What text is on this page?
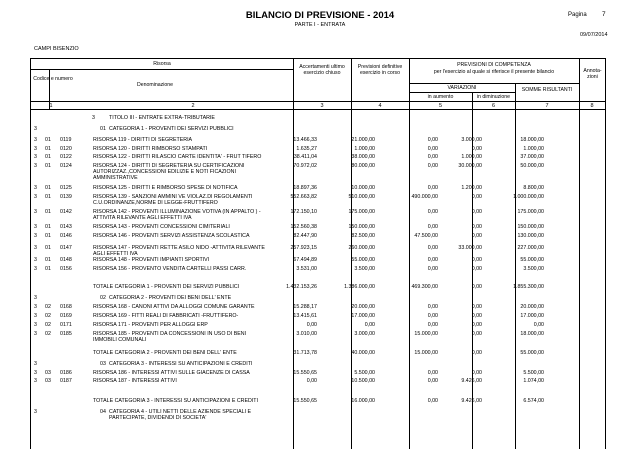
BILANCIO DI PREVISIONE - 2014
PARTE I - ENTRATA
Pagina 7
09/07/2014
CAMPI BISENZIO
Risorsa
Codice e numero
Denominazione
Accertamenti ultimo esercizio chiuso
Previsioni definitive esercizio in corso
PREVISIONI DI COMPETENZA
per l'esercizio al quale si riferisce il presente bilancio
VARIAZIONI
in aumento	in diminuzione
SOMME RISULTANTI
Annota- zioni
1	2	3	4	5	6	7	8
3	TITOLO III - ENTRATE EXTRA-TRIBUTARIE
3	01 CATEGORIA 1 - PROVENTI DEI SERVIZI PUBBLICI
3 01 0119	RISORSA 119 - DIRITTI DI SEGRETERIA	13.466,33	21.000,00	0,00	3.000,00	18.000,00
3 01 0120	RISORSA 120 - DIRITTI RIMBORSO STAMPATI	1.635,27	1.000,00	0,00	0,00	1.000,00
3 01 0122	RISORSA 122 - DIRITTI RILASCIO CARTE IDENTITA' - FRUT TIFERO	38.411,04	38.000,00	0,00	1.000,00	37.000,00
3 01 0124	RISORSA 124 - DIRITTI DI SEGRETERIA SU CERTIFICAZIONI AUTORIZZAZ.,CONCESSIONI EDILIZIE E NOTI FICAZIONI AMMINISTRATIVE
70.972,02	80.000,00	0,00	30.000,00	50.000,00
3 01 0125	RISORSA 125 - DIRITTI E RIMBORSO SPESE DI NOTIFICA	18.897,36	10.000,00	0,00	1.200,00	8.800,00
3 01 0139	RISORSA 139 - SANZIONI AMMINI VE VIOLAZ.DI REGOLAMENTI C.U.ORDINANZE,NORME DI LEGGE-FRUTTIFERO
552.663,82	510.000,00	490.000,00	0,00	1.000.000,00
3 01 0142	RISORSA 142 - PROVENTI ILLUMINAZIONE VOTIVA (IN APPALTO ) - ATTIVITA RILEVANTE AGLI EFFETTI IVA
172.150,10	175.000,00	0,00	0,00	175.000,00
3 01 0143	RISORSA 143 - PROVENTI CONCESSIONI CIMITERIALI	152.560,38	150.000,00	0,00	0,00	150.000,00
3 01 0146	RISORSA 146 - PROVENTI SERVIZI ASSISTENZA SCOLASTICA	82.447,90	82.500,00	47.500,00	0,00	130.000,00
3 01 0147	RISORSA 147 - PROVENTI RETTE ASILO NIDO -ATTIVITA RILEVANTE AGLI EFFETTI IVA
257.923,15	260.000,00	0,00	33.000,00	227.000,00
3 01 0148	RISORSA 148 - PROVENTI IMPIANTI SPORTIVI	67.494,89	55.000,00	0,00	0,00	55.000,00
3 01 0156	RISORSA 156 - PROVENTO VENDITA CARTELLI PASSI CARR.	3.531,00	3.500,00	0,00	0,00	3.500,00
TOTALE CATEGORIA 1 - PROVENTI DEI SERVIZI PUBBLICI	1.432.153,26	1.386.000,00	469.300,00	0,00	1.855.300,00
3	02 CATEGORIA 2 - PROVENTI DEI BENI DELL' ENTE
3 02 0168	RISORSA 168 - CANONI ATTIVI DA ALLOGGI COMUNE GARANTE	15.288,17	20.000,00	0,00	0,00	20.000,00
3 02 0169	RISORSA 169 - FITTI REALI DI FABBRICATI -FRUTTIFERO-	13.415,61	17.000,00	0,00	0,00	17.000,00
3 02 0171	RISORSA 171 - PROVENTI PER ALLOGGI ERP	0,00	0,00	0,00	0,00	0,00
3 02 0185	RISORSA 185 - PROVENTI DA CONCESSIONI IN USO DI BENI IMMOBILI COMUNALI
3.010,00	3.000,00	15.000,00	0,00	18.000,00
TOTALE CATEGORIA 2 - PROVENTI DEI BENI DELL' ENTE	31.713,78	40.000,00	15.000,00	0,00	55.000,00
3	03 CATEGORIA 3 - INTERESSI SU ANTICIPAZIONI E CREDITI
3 03 0186	RISORSA 186 - INTERESSI ATTIVI SULLE GIACENZE DI CASSA	15.550,65	5.500,00	0,00	0,00	5.500,00
3 03 0187	RISORSA 187 - INTERESSI ATTIVI	0,00	10.500,00	0,00	9.426,00	1.074,00
TOTALE CATEGORIA 3 - INTERESSI SU ANTICIPAZIONI E CREDITI	15.550,65	16.000,00	0,00	9.426,00	6.574,00
3	04 CATEGORIA 4 - UTILI NETTI DELLE AZIENDE SPECIALI E PARTECIPATE, DIVIDENDI DI SOCIETA'
